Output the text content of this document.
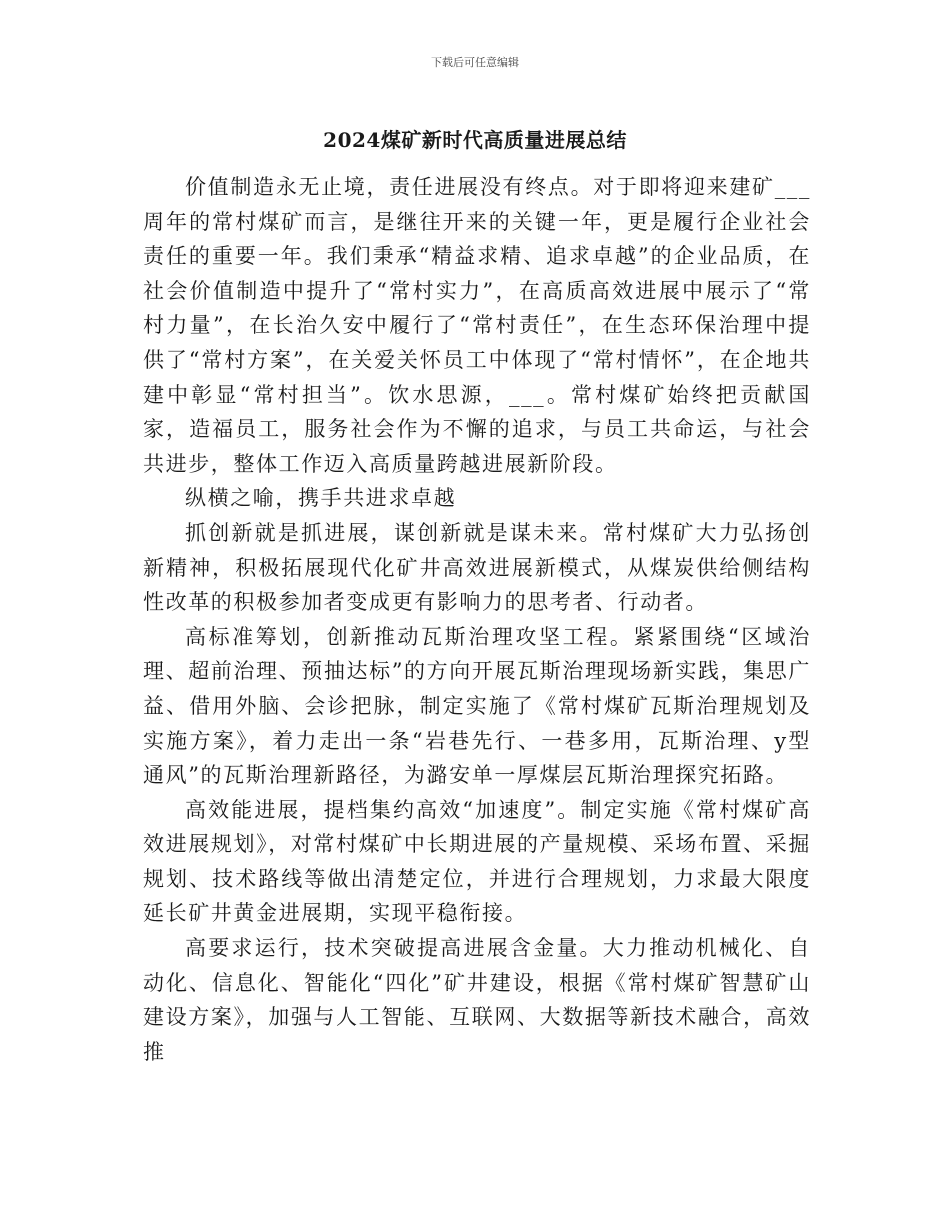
下载后可任意编辑

2024煤矿新时代高质量进展总结

价值制造永无止境，责任进展没有终点。对于即将迎来建矿___周年的常村煤矿而言，是继往开来的关键一年，更是履行企业社会责任的重要一年。我们秉承“精益求精、追求卓越”的企业品质，在社会价值制造中提升了“常村实力”，在高质高效进展中展示了“常村力量”，在长治久安中履行了“常村责任”，在生态环保治理中提供了“常村方案”，在关爱关怀员工中体现了“常村情怀”，在企地共建中彰显“常村担当”。饮水思源，___。常村煤矿始终把贡献国家，造福员工，服务社会作为不懈的追求，与员工共命运，与社会共进步，整体工作迈入高质量跨越进展新阶段。

纵横之喻，携手共进求卓越

抓创新就是抓进展，谋创新就是谋未来。常村煤矿大力弘扬创新精神，积极拓展现代化矿井高效进展新模式，从煤炭供给侧结构性改革的积极参加者变成更有影响力的思考者、行动者。

高标准筹划，创新推动瓦斯治理攻坚工程。紧紧围绕“区域治理、超前治理、预抽达标”的方向开展瓦斯治理现场新实践，集思广益、借用外脑、会诊把脉，制定实施了《常村煤矿瓦斯治理规划及实施方案》，着力走出一条“岩巷先行、一巷多用，瓦斯治理、y型通风”的瓦斯治理新路径，为潞安单一厚煤层瓦斯治理探究拓路。

高效能进展，提档集约高效“加速度”。制定实施《常村煤矿高效进展规划》，对常村煤矿中长期进展的产量规模、采场布置、采掘规划、技术路线等做出清楚定位，并进行合理规划，力求最大限度延长矿井黄金进展期，实现平稳衔接。

高要求运行，技术突破提高进展含金量。大力推动机械化、自动化、信息化、智能化“四化”矿井建设，根据《常村煤矿智慧矿山建设方案》，加强与人工智能、互联网、大数据等新技术融合，高效推
